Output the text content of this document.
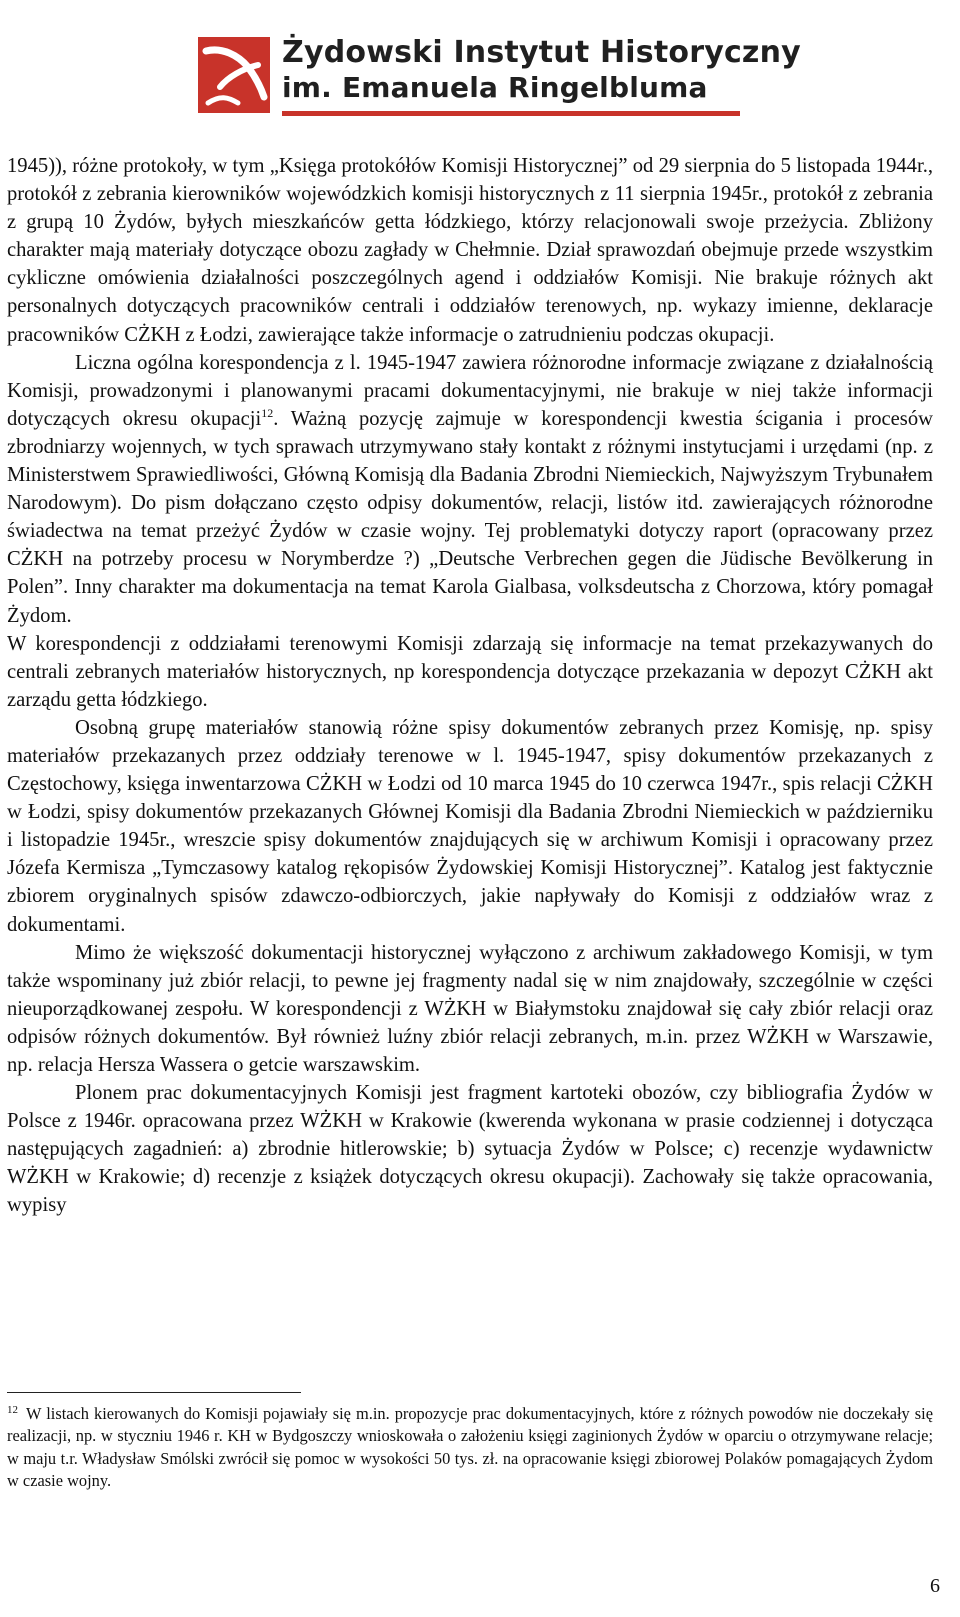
Żydowski Instytut Historyczny
im. Emanuela Ringelbluma

1945)), różne protokoły, w tym „Księga protokółów Komisji Historycznej” od 29 sierpnia do 5 listopada 1944r., protokół z zebrania kierowników wojewódzkich komisji historycznych z 11 sierpnia 1945r., protokół z zebrania z grupą 10 Żydów, byłych mieszkańców getta łódzkiego, którzy relacjonowali swoje przeżycia. Zbliżony charakter mają materiały dotyczące obozu zagłady w Chełmnie. Dział sprawozdań obejmuje przede wszystkim cykliczne omówienia działalności poszczególnych agend i oddziałów Komisji. Nie brakuje różnych akt personalnych dotyczących pracowników centrali i oddziałów terenowych, np. wykazy imienne, deklaracje pracowników CŻKH z Łodzi, zawierające także informacje o zatrudnieniu podczas okupacji.

Liczna ogólna korespondencja z l. 1945-1947 zawiera różnorodne informacje związane z działalnością Komisji, prowadzonymi i planowanymi pracami dokumentacyjnymi, nie brakuje w niej także informacji dotyczących okresu okupacji$^{12}$. Ważną pozycję zajmuje w korespondencji kwestia ścigania i procesów zbrodniarzy wojennych, w tych sprawach utrzymywano stały kontakt z różnymi instytucjami i urzędami (np. z Ministerstwem Sprawiedliwości, Główną Komisją dla Badania Zbrodni Niemieckich, Najwyższym Trybunałem Narodowym). Do pism dołączano często odpisy dokumentów, relacji, listów itd. zawierających różnorodne świadectwa na temat przeżyć Żydów w czasie wojny. Tej problematyki dotyczy raport (opracowany przez CŻKH na potrzeby procesu w Norymberdze ?) „Deutsche Verbrechen gegen die Jüdische Bevölkerung in Polen”. Inny charakter ma dokumentacja na temat Karola Gialbasa, volksdeutscha z Chorzowa, który pomagał Żydom.

W korespondencji z oddziałami terenowymi Komisji zdarzają się informacje na temat przekazywanych do centrali zebranych materiałów historycznych, np korespondencja dotyczące przekazania w depozyt CŻKH akt zarządu getta łódzkiego.

Osobną grupę materiałów stanowią różne spisy dokumentów zebranych przez Komisję, np. spisy materiałów przekazanych przez oddziały terenowe w l. 1945-1947, spisy dokumentów przekazanych z Częstochowy, księga inwentarzowa CŻKH w Łodzi od 10 marca 1945 do 10 czerwca 1947r., spis relacji CŻKH w Łodzi, spisy dokumentów przekazanych Głównej Komisji dla Badania Zbrodni Niemieckich w październiku i listopadzie 1945r., wreszcie spisy dokumentów znajdujących się w archiwum Komisji i opracowany przez Józefa Kermisza „Tymczasowy katalog rękopisów Żydowskiej Komisji Historycznej”. Katalog jest faktycznie zbiorem oryginalnych spisów zdawczo-odbiorczych, jakie napływały do Komisji z oddziałów wraz z dokumentami.

Mimo że większość dokumentacji historycznej wyłączono z archiwum zakładowego Komisji, w tym także wspominany już zbiór relacji, to pewne jej fragmenty nadal się w nim znajdowały, szczególnie w części nieuporządkowanej zespołu. W korespondencji z WŻKH w Białymstoku znajdował się cały zbiór relacji oraz odpisów różnych dokumentów. Był również luźny zbiór relacji zebranych, m.in. przez WŻKH w Warszawie, np. relacja Hersza Wassera o getcie warszawskim.

Plonem prac dokumentacyjnych Komisji jest fragment kartoteki obozów, czy bibliografia Żydów w Polsce z 1946r. opracowana przez WŻKH w Krakowie (kwerenda wykonana w prasie codziennej i dotycząca następujących zagadnień: a) zbrodnie hitlerowskie; b) sytuacja Żydów w Polsce; c) recenzje wydawnictw WŻKH w Krakowie; d) recenzje z książek dotyczących okresu okupacji). Zachowały się także opracowania, wypisy

$^{12}$ W listach kierowanych do Komisji pojawiały się m.in. propozycje prac dokumentacyjnych, które z różnych powodów nie doczekały się realizacji, np. w styczniu 1946 r. KH w Bydgoszczy wnioskowała o założeniu księgi zaginionych Żydów w oparciu o otrzymywane relacje; w maju t.r. Władysław Smólski zwrócił się pomoc w wysokości 50 tys. zł. na opracowanie księgi zbiorowej Polaków pomagających Żydom w czasie wojny.

6
